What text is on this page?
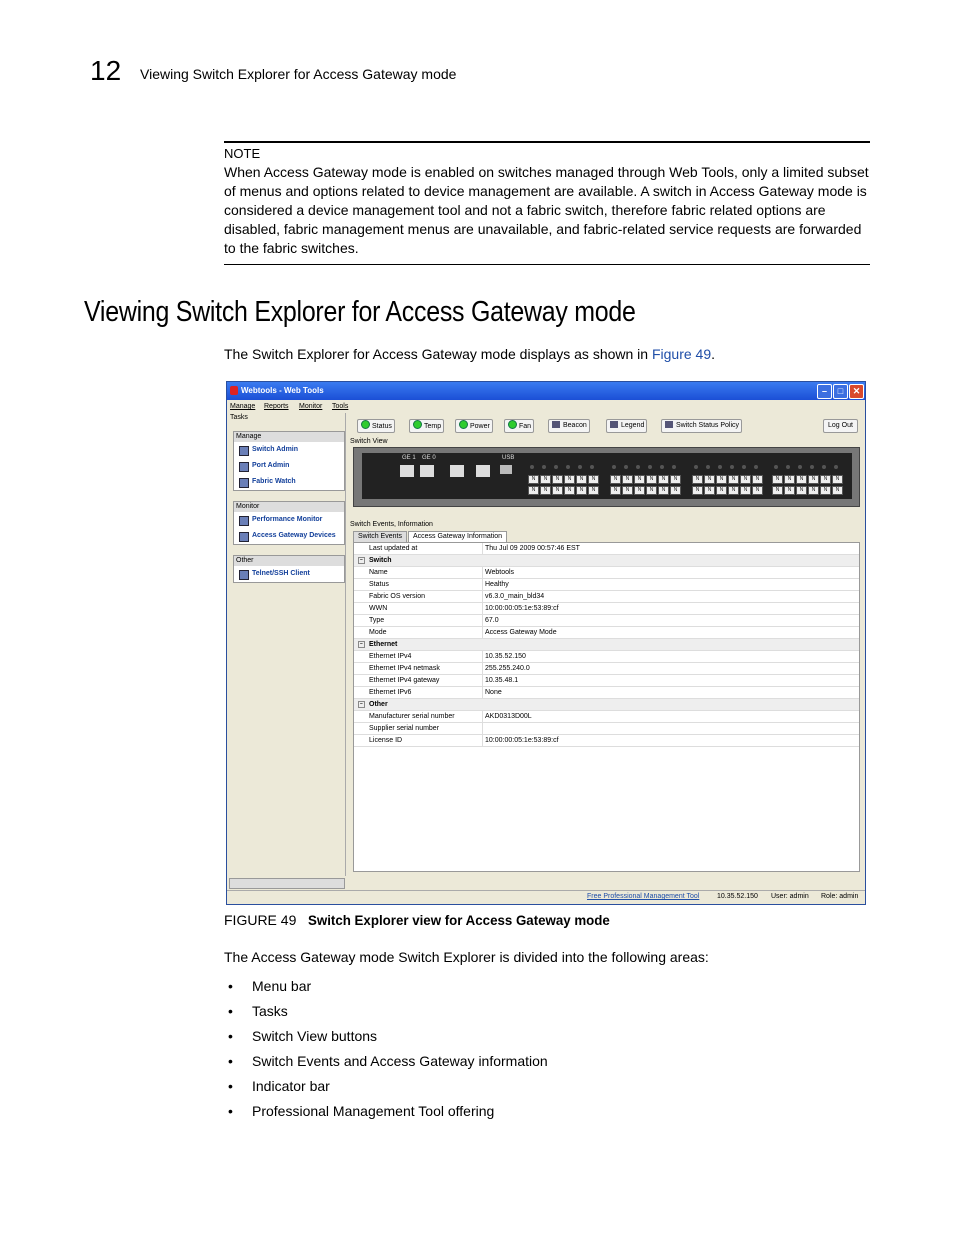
12 Viewing Switch Explorer for Access Gateway mode
NOTE
When Access Gateway mode is enabled on switches managed through Web Tools, only a limited subset of menus and options related to device management are available. A switch in Access Gateway mode is considered a device management tool and not a fabric switch, therefore fabric related options are disabled, fabric management menus are unavailable, and fabric-related service requests are forwarded to the fabric switches.
Viewing Switch Explorer for Access Gateway mode
The Switch Explorer for Access Gateway mode displays as shown in Figure 49.
Webtools - Web Tools	–	□	✕
Manage Reports Monitor Tools
Tasks
Manage
Switch Admin
Port Admin
Fabric Watch
Monitor
Performance Monitor
Access Gateway Devices
Other
Telnet/SSH Client
Status	Temp	Power	Fan	Beacon	Legend	Switch Status Policy	Log Out
Switch View
GE 1 GE 0	USB
N
N
N
N
N
N
N
N
N
N
N
N
N
N
N
N
N
N
N
N
N
N
N
N
N
N
N
N
N
N
N
N
N
N
N
N
N
N
N
N
N
N
N
N
N
N
N
N
Switch Events, Information
Switch Events Access Gateway Information
Last updated at	Thu Jul 09 2009 00:57:46 EST
− Switch
Name	Webtools
Status	Healthy
Fabric OS version	v6.3.0_main_bld34
WWN	10:00:00:05:1e:53:89:cf
Type	67.0
Mode	Access Gateway Mode
− Ethernet
Ethernet IPv4	10.35.52.150
Ethernet IPv4 netmask	255.255.240.0
Ethernet IPv4 gateway	10.35.48.1
Ethernet IPv6	None
− Other
Manufacturer serial number	AKD0313D00L
Supplier serial number
License ID	10:00:00:05:1e:53:89:cf
Free Professional Management Tool	10.35.52.150 User: admin Role: admin
FIGURE 49 Switch Explorer view for Access Gateway mode
The Access Gateway mode Switch Explorer is divided into the following areas:
• Menu bar
• Tasks
• Switch View buttons
• Switch Events and Access Gateway information
• Indicator bar
• Professional Management Tool offering
